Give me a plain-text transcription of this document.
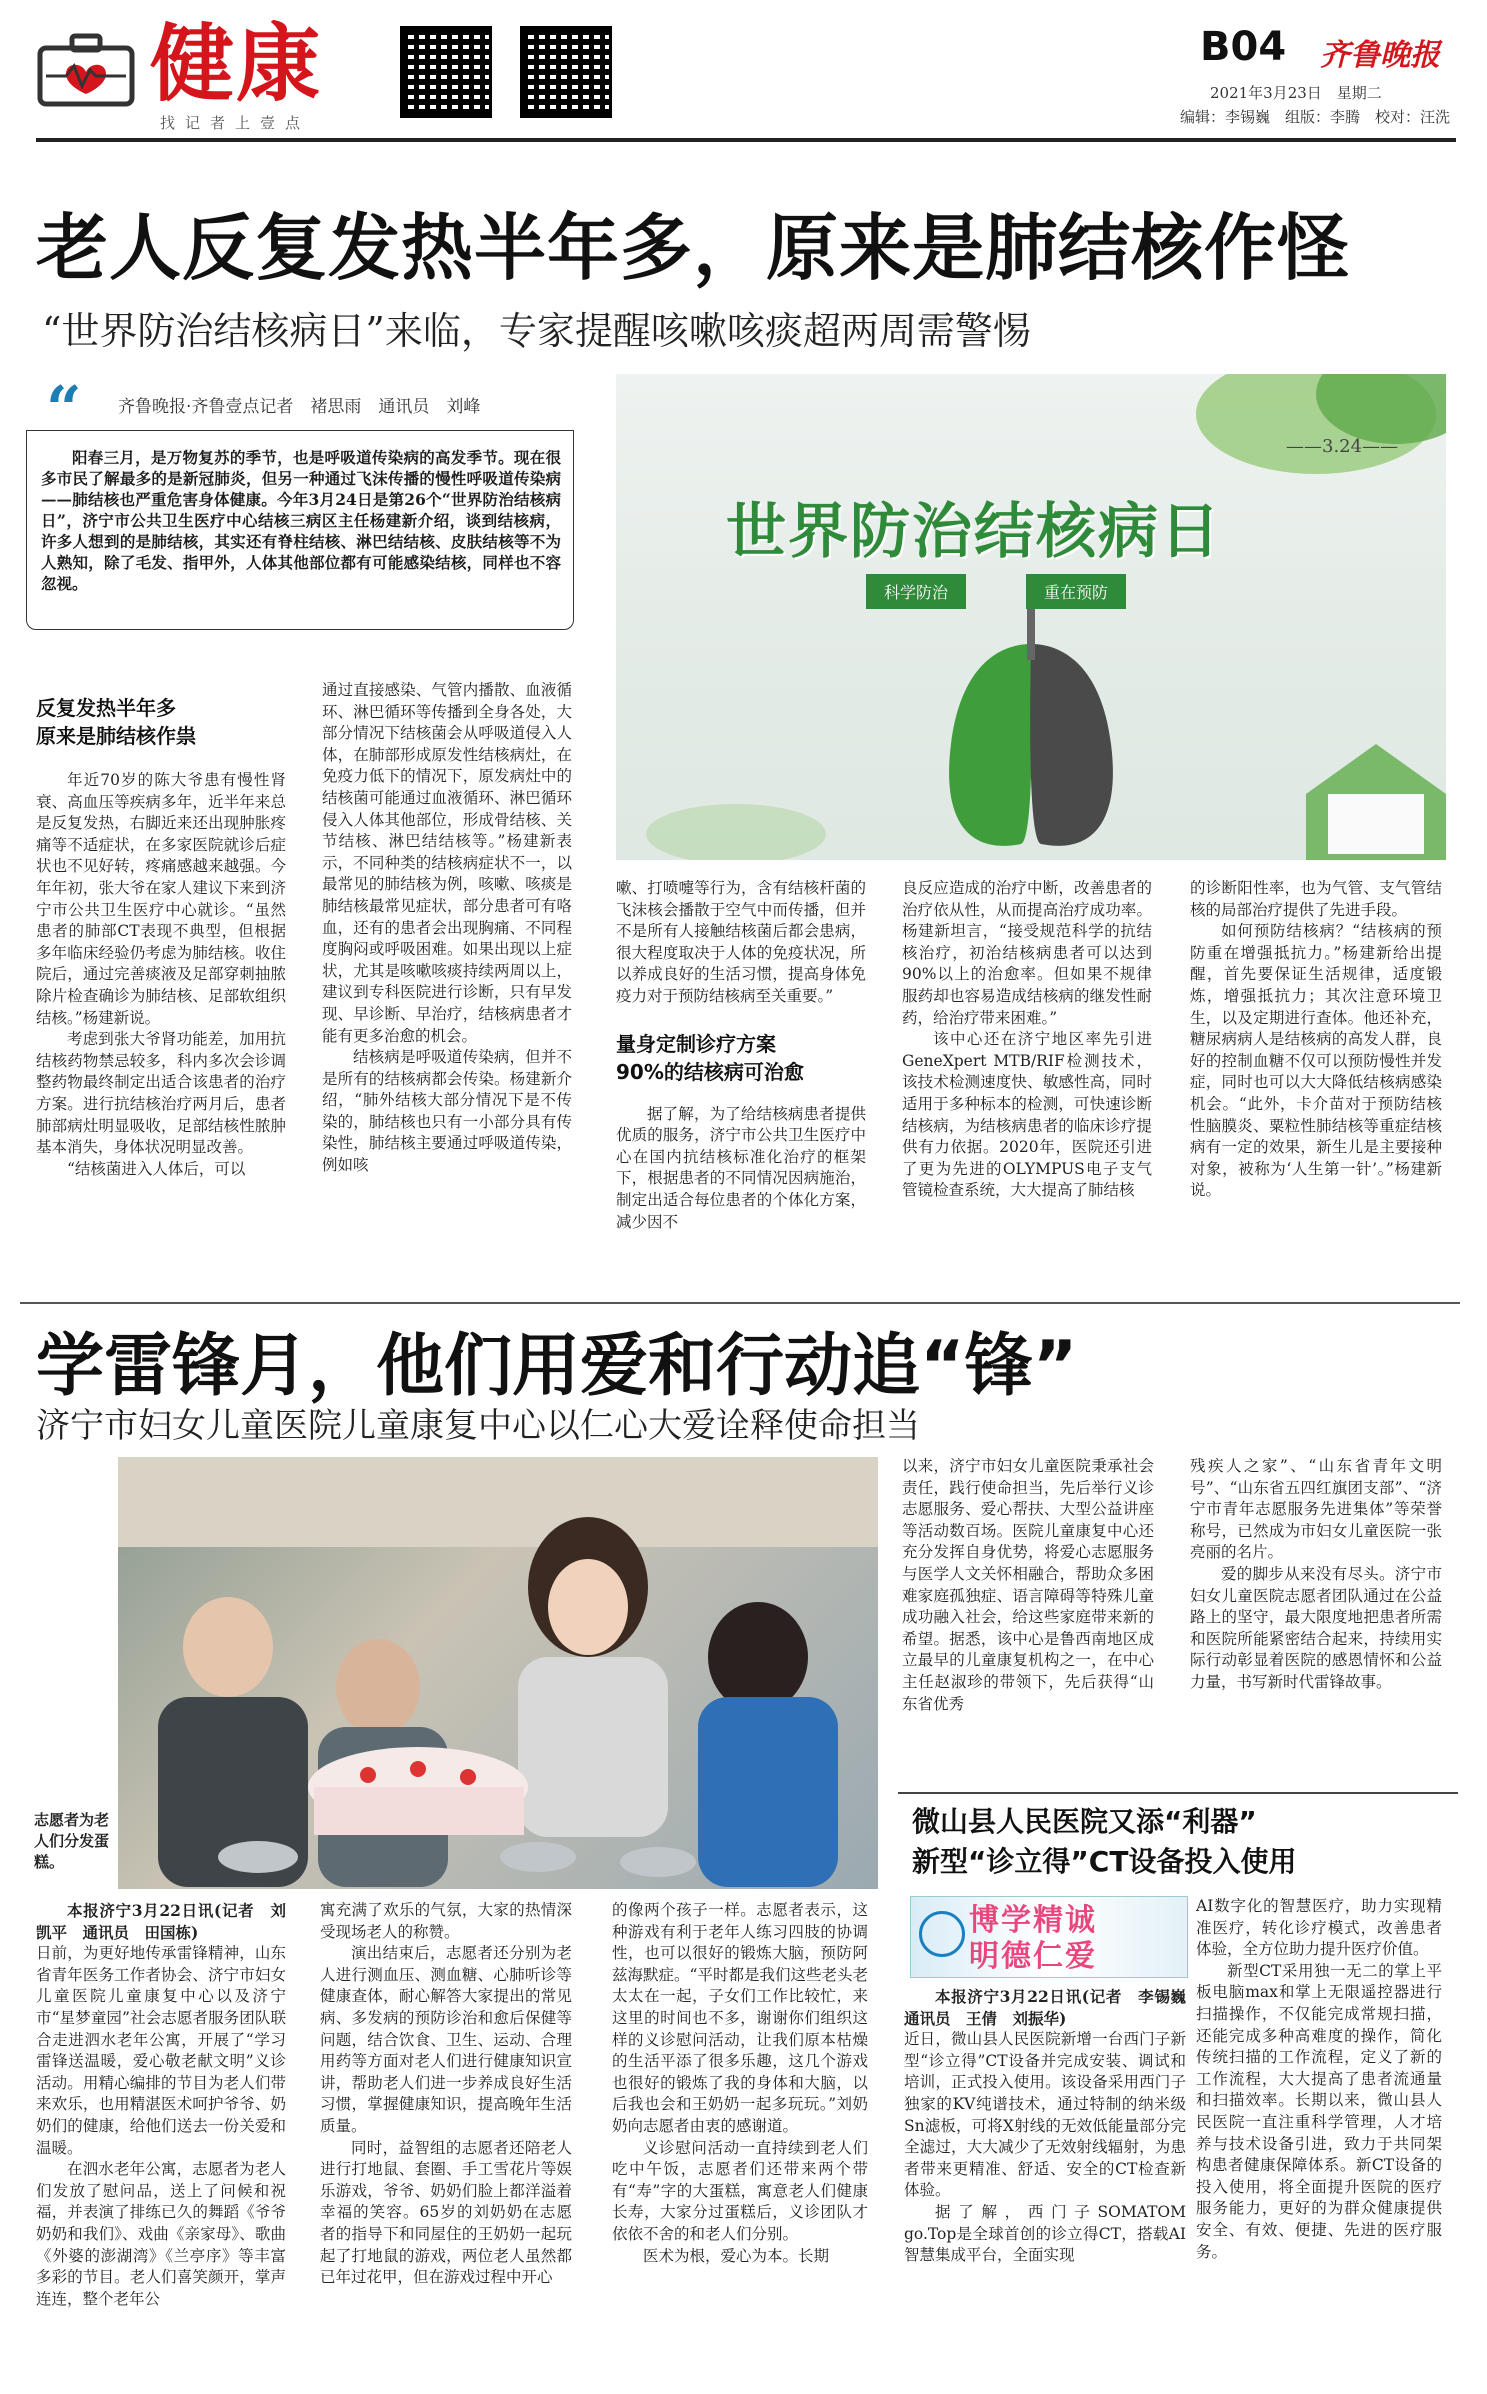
健康
找记者上壹点
B04 齐鲁晚报
2021年3月23日　星期二
编辑：李锡巍　组版：李腾　校对：汪洗
老人反复发热半年多，原来是肺结核作怪
“世界防治结核病日”来临，专家提醒咳嗽咳痰超两周需警惕
“ 齐鲁晚报·齐鲁壹点记者　褚思雨　通讯员　刘峰
阳春三月，是万物复苏的季节，也是呼吸道传染病的高发季节。现在很多市民了解最多的是新冠肺炎，但另一种通过飞沫传播的慢性呼吸道传染病——肺结核也严重危害身体健康。今年3月24日是第26个“世界防治结核病日”，济宁市公共卫生医疗中心结核三病区主任杨建新介绍，谈到结核病，许多人想到的是肺结核，其实还有脊柱结核、淋巴结结核、皮肤结核等不为人熟知，除了毛发、指甲外，人体其他部位都有可能感染结核，同样也不容忽视。
——3.24——
世界防治结核病日
科学防治	重在预防
反复发热半年多
原来是肺结核作祟

年近70岁的陈大爷患有慢性肾衰、高血压等疾病多年，近半年来总是反复发热，右脚近来还出现肿胀疼痛等不适症状，在多家医院就诊后症状也不见好转，疼痛感越来越强。今年年初，张大爷在家人建议下来到济宁市公共卫生医疗中心就诊。“虽然患者的肺部CT表现不典型，但根据多年临床经验仍考虑为肺结核。收住院后，通过完善痰液及足部穿刺抽脓除片检查确诊为肺结核、足部软组织结核。”杨建新说。

考虑到张大爷肾功能差，加用抗结核药物禁忌较多，科内多次会诊调整药物最终制定出适合该患者的治疗方案。进行抗结核治疗两月后，患者肺部病灶明显吸收，足部结核性脓肿基本消失，身体状况明显改善。

“结核菌进入人体后，可以

通过直接感染、气管内播散、血液循环、淋巴循环等传播到全身各处，大部分情况下结核菌会从呼吸道侵入人体，在肺部形成原发性结核病灶，在免疫力低下的情况下，原发病灶中的结核菌可能通过血液循环、淋巴循环侵入人体其他部位，形成骨结核、关节结核、淋巴结结核等。”杨建新表示，不同种类的结核病症状不一，以最常见的肺结核为例，咳嗽、咳痰是肺结核最常见症状，部分患者可有咯血，还有的患者会出现胸痛、不同程度胸闷或呼吸困难。如果出现以上症状，尤其是咳嗽咳痰持续两周以上，建议到专科医院进行诊断，只有早发现、早诊断、早治疗，结核病患者才能有更多治愈的机会。

结核病是呼吸道传染病，但并不是所有的结核病都会传染。杨建新介绍，“肺外结核大部分情况下是不传染的，肺结核也只有一小部分具有传染性，肺结核主要通过呼吸道传染，例如咳

嗽、打喷嚏等行为，含有结核杆菌的飞沫核会播散于空气中而传播，但并不是所有人接触结核菌后都会患病，很大程度取决于人体的免疫状况，所以养成良好的生活习惯，提高身体免疫力对于预防结核病至关重要。”

量身定制诊疗方案
90%的结核病可治愈

据了解，为了给结核病患者提供优质的服务，济宁市公共卫生医疗中心在国内抗结核标准化治疗的框架下，根据患者的不同情况因病施治，制定出适合每位患者的个体化方案，减少因不

良反应造成的治疗中断，改善患者的治疗依从性，从而提高治疗成功率。杨建新坦言，“接受规范科学的抗结核治疗，初治结核病患者可以达到90%以上的治愈率。但如果不规律服药却也容易造成结核病的继发性耐药，给治疗带来困难。”

该中心还在济宁地区率先引进GeneXpert MTB/RIF检测技术，该技术检测速度快、敏感性高，同时适用于多种标本的检测，可快速诊断结核病，为结核病患者的临床诊疗提供有力依据。2020年，医院还引进了更为先进的OLYMPUS电子支气管镜检查系统，大大提高了肺结核

的诊断阳性率，也为气管、支气管结核的局部治疗提供了先进手段。

如何预防结核病？“结核病的预防重在增强抵抗力。”杨建新给出提醒，首先要保证生活规律，适度锻炼，增强抵抗力；其次注意环境卫生，以及定期进行查体。他还补充，糖尿病病人是结核病的高发人群，良好的控制血糖不仅可以预防慢性并发症，同时也可以大大降低结核病感染机会。“此外，卡介苗对于预防结核性脑膜炎、粟粒性肺结核等重症结核病有一定的效果，新生儿是主要接种对象，被称为‘人生第一针’。”杨建新说。

学雷锋月，他们用爱和行动追“锋”
济宁市妇女儿童医院儿童康复中心以仁心大爱诠释使命担当
志愿者为老人们分发蛋糕。

本报济宁3月22日讯(记者　刘凯平　通讯员　田国栋)

日前，为更好地传承雷锋精神，山东省青年医务工作者协会、济宁市妇女儿童医院儿童康复中心以及济宁市“星梦童园”社会志愿者服务团队联合走进泗水老年公寓，开展了“学习雷锋送温暖，爱心敬老献文明”义诊活动。用精心编排的节目为老人们带来欢乐，也用精湛医术呵护爷爷、奶奶们的健康，给他们送去一份关爱和温暖。

在泗水老年公寓，志愿者为老人们发放了慰问品，送上了问候和祝福，并表演了排练已久的舞蹈《爷爷奶奶和我们》、戏曲《亲家母》、歌曲《外婆的澎湖湾》《兰亭序》等丰富多彩的节目。老人们喜笑颜开，掌声连连，整个老年公

寓充满了欢乐的气氛，大家的热情深受现场老人的称赞。

演出结束后，志愿者还分别为老人进行测血压、测血糖、心肺听诊等健康查体，耐心解答大家提出的常见病、多发病的预防诊治和愈后保健等问题，结合饮食、卫生、运动、合理用药等方面对老人们进行健康知识宣讲，帮助老人们进一步养成良好生活习惯，掌握健康知识，提高晚年生活质量。

同时，益智组的志愿者还陪老人进行打地鼠、套圈、手工雪花片等娱乐游戏，爷爷、奶奶们脸上都洋溢着幸福的笑容。65岁的刘奶奶在志愿者的指导下和同屋住的王奶奶一起玩起了打地鼠的游戏，两位老人虽然都已年过花甲，但在游戏过程中开心

的像两个孩子一样。志愿者表示，这种游戏有利于老年人练习四肢的协调性，也可以很好的锻炼大脑，预防阿兹海默症。“平时都是我们这些老头老太太在一起，子女们工作比较忙，来这里的时间也不多，谢谢你们组织这样的义诊慰问活动，让我们原本枯燥的生活平添了很多乐趣，这几个游戏也很好的锻炼了我的身体和大脑，以后我也会和王奶奶一起多玩玩。”刘奶奶向志愿者由衷的感谢道。

义诊慰问活动一直持续到老人们吃中午饭，志愿者们还带来两个带有“寿”字的大蛋糕，寓意老人们健康长寿，大家分过蛋糕后，义诊团队才依依不舍的和老人们分别。

医术为根，爱心为本。长期

以来，济宁市妇女儿童医院秉承社会责任，践行使命担当，先后举行义诊志愿服务、爱心帮扶、大型公益讲座等活动数百场。医院儿童康复中心还充分发挥自身优势，将爱心志愿服务与医学人文关怀相融合，帮助众多困难家庭孤独症、语言障碍等特殊儿童成功融入社会，给这些家庭带来新的希望。据悉，该中心是鲁西南地区成立最早的儿童康复机构之一，在中心主任赵淑珍的带领下，先后获得“山东省优秀

残疾人之家”、“山东省青年文明号”、“山东省五四红旗团支部”、“济宁市青年志愿服务先进集体”等荣誉称号，已然成为市妇女儿童医院一张亮丽的名片。

爱的脚步从来没有尽头。济宁市妇女儿童医院志愿者团队通过在公益路上的坚守，最大限度地把患者所需和医院所能紧密结合起来，持续用实际行动彰显着医院的感恩情怀和公益力量，书写新时代雷锋故事。

微山县人民医院又添“利器”
新型“诊立得”CT设备投入使用
博学精诚
明德仁爱

本报济宁3月22日讯(记者　李锡巍　通讯员　王倩　刘振华)

近日，微山县人民医院新增一台西门子新型“诊立得”CT设备并完成安装、调试和培训，正式投入使用。该设备采用西门子独家的KV纯谱技术，通过特制的纳米级Sn滤板，可将X射线的无效低能量部分完全滤过，大大减少了无效射线辐射，为患者带来更精准、舒适、安全的CT检查新体验。

据了解，西门子SOMATOM go.Top是全球首创的诊立得CT，搭载AI智慧集成平台，全面实现

AI数字化的智慧医疗，助力实现精准医疗，转化诊疗模式，改善患者体验，全方位助力提升医疗价值。

新型CT采用独一无二的掌上平板电脑max和掌上无限遥控器进行扫描操作，不仅能完成常规扫描，还能完成多种高难度的操作，简化传统扫描的工作流程，定义了新的工作流程，大大提高了患者流通量和扫描效率。长期以来，微山县人民医院一直注重科学管理，人才培养与技术设备引进，致力于共同架构患者健康保障体系。新CT设备的投入使用，将全面提升医院的医疗服务能力，更好的为群众健康提供安全、有效、便捷、先进的医疗服务。
